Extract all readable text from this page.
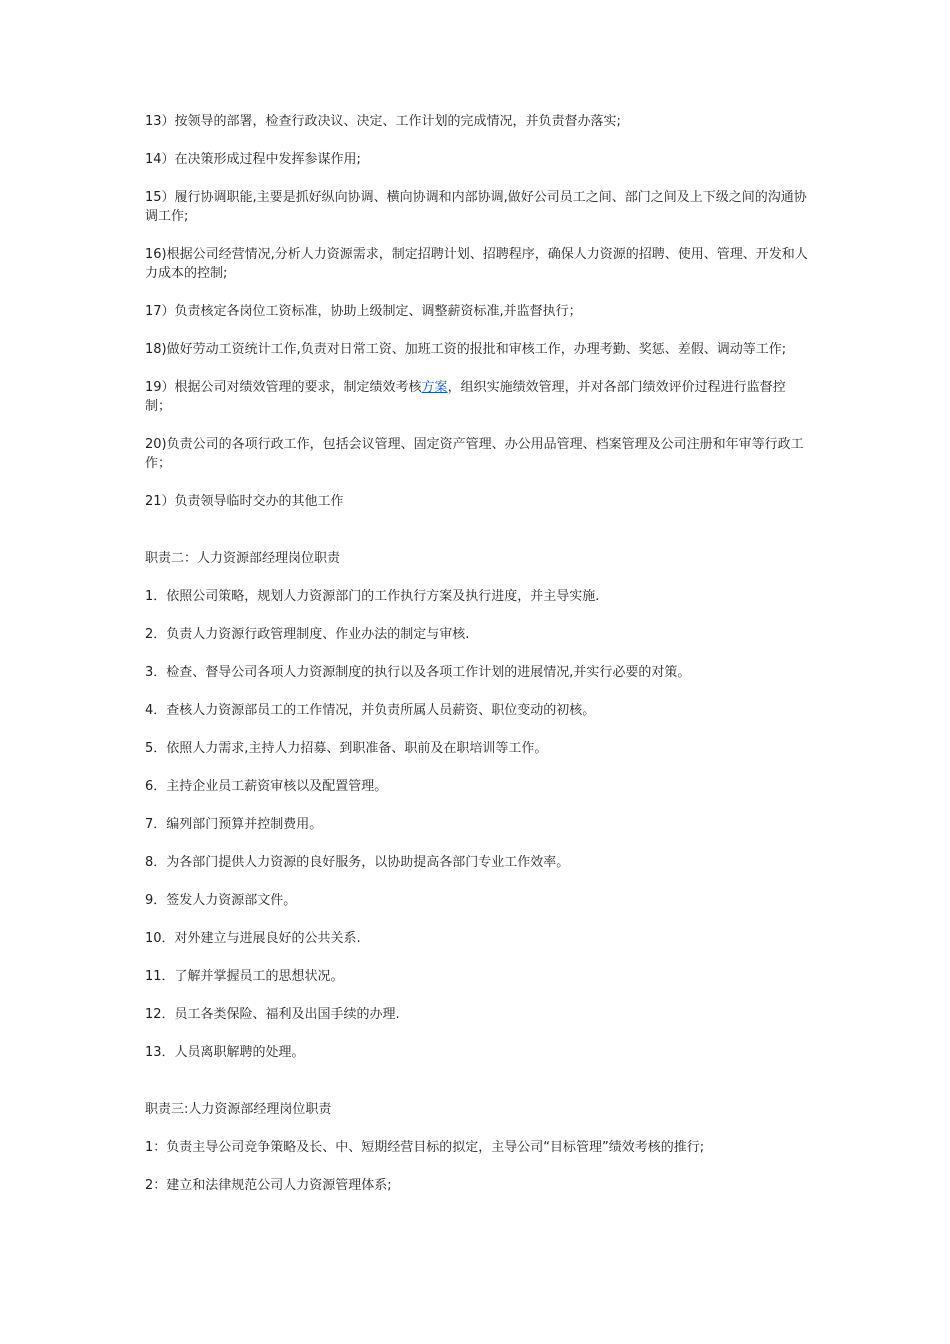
13）按领导的部署，检查行政决议、决定、工作计划的完成情况，并负责督办落实;

14）在决策形成过程中发挥参谋作用;

15）履行协调职能,主要是抓好纵向协调、横向协调和内部协调,做好公司员工之间、部门之间及上下级之间的沟通协调工作;

16)根据公司经营情况,分析人力资源需求，制定招聘计划、招聘程序，确保人力资源的招聘、使用、管理、开发和人力成本的控制;

17）负责核定各岗位工资标准，协助上级制定、调整薪资标准,并监督执行；

18)做好劳动工资统计工作,负责对日常工资、加班工资的报批和审核工作，办理考勤、奖惩、差假、调动等工作;

19）根据公司对绩效管理的要求，制定绩效考核方案，组织实施绩效管理，并对各部门绩效评价过程进行监督控制；

20)负责公司的各项行政工作，包括会议管理、固定资产管理、办公用品管理、档案管理及公司注册和年审等行政工作；

21）负责领导临时交办的其他工作

职责二：人力资源部经理岗位职责

1．依照公司策略，规划人力资源部门的工作执行方案及执行进度，并主导实施.

2．负责人力资源行政管理制度、作业办法的制定与审核.

3．检查、督导公司各项人力资源制度的执行以及各项工作计划的进展情况,并实行必要的对策。

4．查核人力资源部员工的工作情况，并负责所属人员薪资、职位变动的初核。

5．依照人力需求,主持人力招募、到职准备、职前及在职培训等工作。

6．主持企业员工薪资审核以及配置管理。

7．编列部门预算并控制费用。

8．为各部门提供人力资源的良好服务，以协助提高各部门专业工作效率。

9．签发人力资源部文件。

10．对外建立与进展良好的公共关系.

11．了解并掌握员工的思想状况。

12．员工各类保险、福利及出国手续的办理.

13．人员离职解聘的处理。

职责三:人力资源部经理岗位职责

1：负责主导公司竞争策略及长、中、短期经营目标的拟定，主导公司“目标管理”绩效考核的推行;

2：建立和法律规范公司人力资源管理体系;
